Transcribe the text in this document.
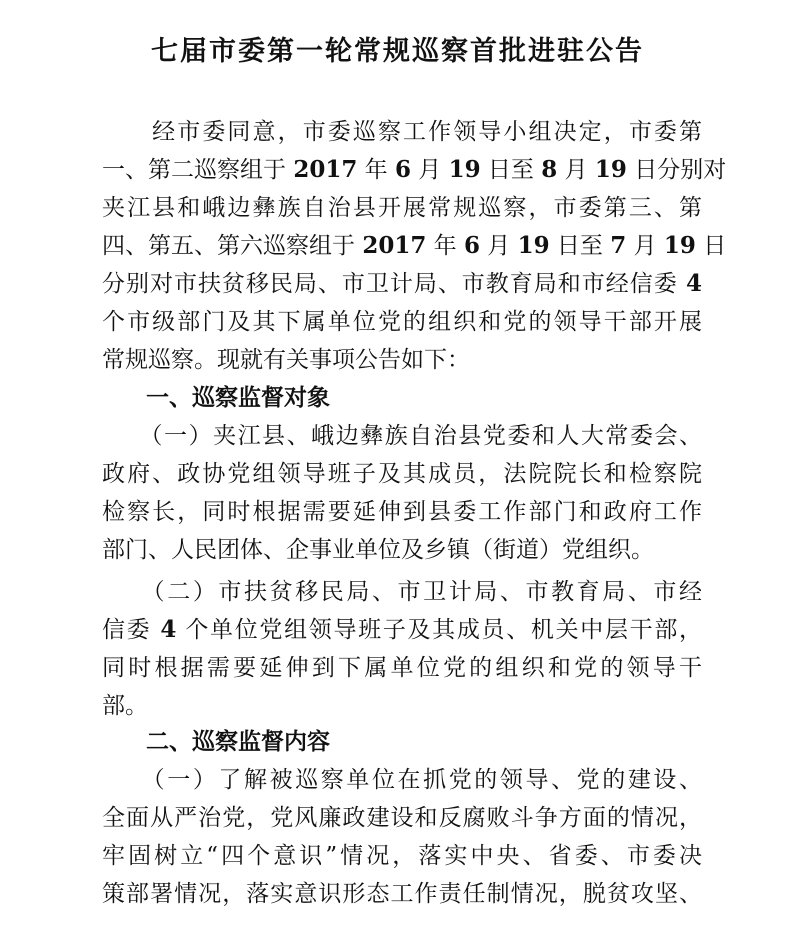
七届市委第一轮常规巡察首批进驻公告
　　经市委同意，市委巡察工作领导小组决定，市委第
一、第二巡察组于 2017 年 6 月 19 日至 8 月 19 日分别对
夹江县和峨边彝族自治县开展常规巡察，市委第三、第
四、第五、第六巡察组于 2017 年 6 月 19 日至 7 月 19 日
分别对市扶贫移民局、市卫计局、市教育局和市经信委 4
个市级部门及其下属单位党的组织和党的领导干部开展
常规巡察。现就有关事项公告如下：
一、巡察监督对象
　　（一）夹江县、峨边彝族自治县党委和人大常委会、
政府、政协党组领导班子及其成员，法院院长和检察院
检察长，同时根据需要延伸到县委工作部门和政府工作
部门、人民团体、企事业单位及乡镇（街道）党组织。
　　（二）市扶贫移民局、市卫计局、市教育局、市经
信委 4 个单位党组领导班子及其成员、机关中层干部，
同时根据需要延伸到下属单位党的组织和党的领导干
部。
二、巡察监督内容
　　（一）了解被巡察单位在抓党的领导、党的建设、
全面从严治党，党风廉政建设和反腐败斗争方面的情况，
牢固树立“四个意识”情况，落实中央、省委、市委决
策部署情况，落实意识形态工作责任制情况，脱贫攻坚、
